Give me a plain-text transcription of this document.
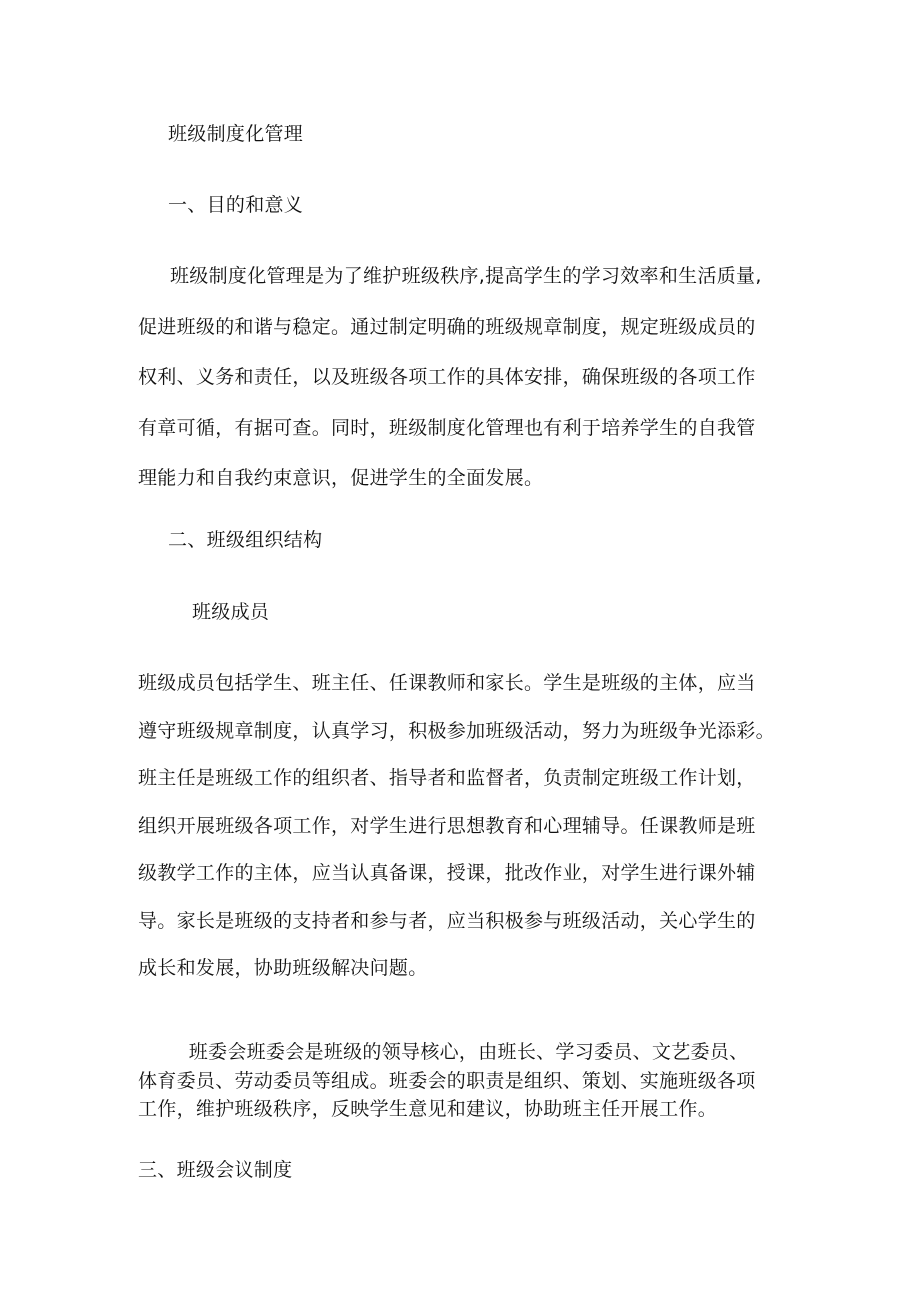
班级制度化管理
一、目的和意义
班级制度化管理是为了维护班级秩序,提高学生的学习效率和生活质量,
促进班级的和谐与稳定。通过制定明确的班级规章制度，规定班级成员的
权利、义务和责任，以及班级各项工作的具体安排，确保班级的各项工作
有章可循，有据可查。同时，班级制度化管理也有利于培养学生的自我管
理能力和自我约束意识，促进学生的全面发展。
二、班级组织结构
班级成员
班级成员包括学生、班主任、任课教师和家长。学生是班级的主体，应当
遵守班级规章制度，认真学习，积极参加班级活动，努力为班级争光添彩。
班主任是班级工作的组织者、指导者和监督者，负责制定班级工作计划，
组织开展班级各项工作，对学生进行思想教育和心理辅导。任课教师是班
级教学工作的主体，应当认真备课，授课，批改作业，对学生进行课外辅
导。家长是班级的支持者和参与者，应当积极参与班级活动，关心学生的
成长和发展，协助班级解决问题。
班委会班委会是班级的领导核心，由班长、学习委员、文艺委员、
体育委员、劳动委员等组成。班委会的职责是组织、策划、实施班级各项
工作，维护班级秩序，反映学生意见和建议，协助班主任开展工作。
三、班级会议制度
